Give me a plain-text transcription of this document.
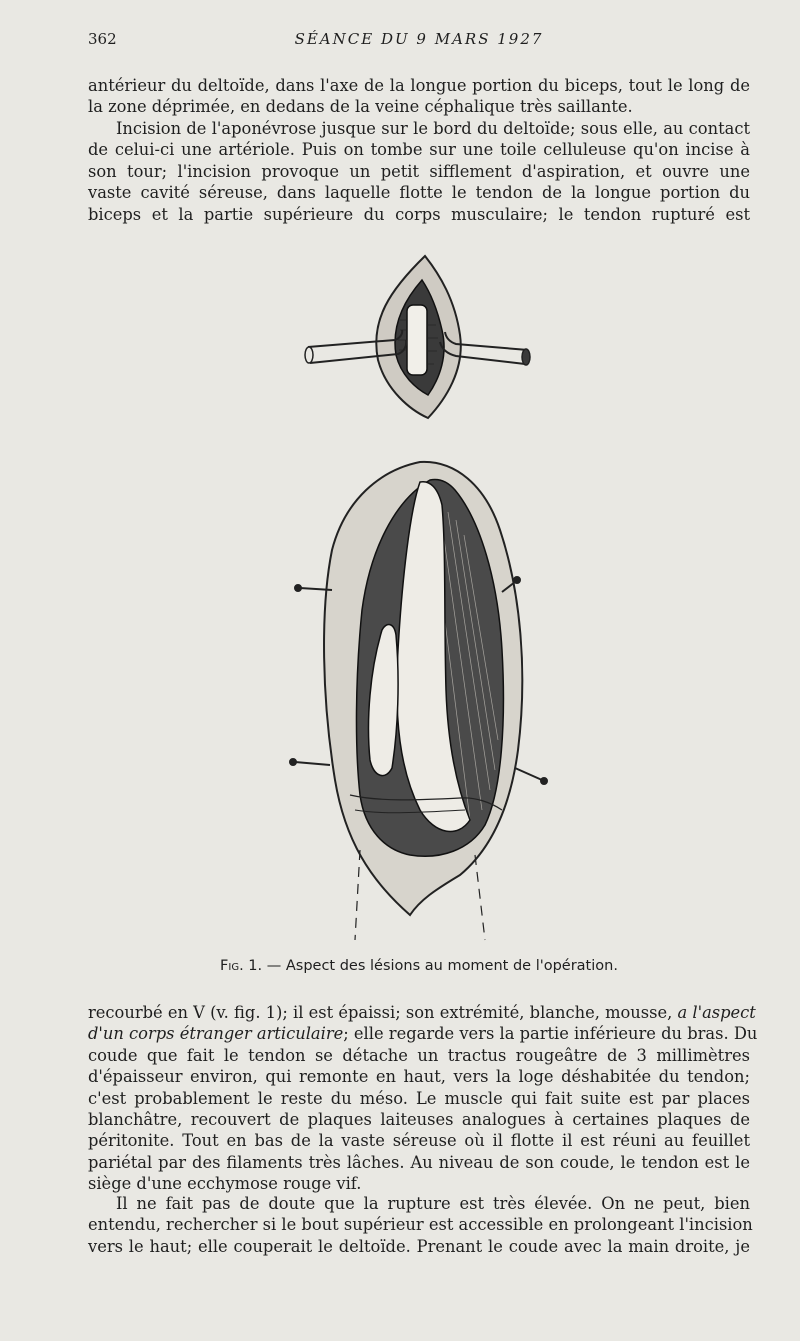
362	SÉANCE DU 9 MARS 1927
antérieur du deltoïde, dans l'axe de la longue portion du biceps, tout le long de
la zone déprimée, en dedans de la veine céphalique très saillante.
Incision de l'aponévrose jusque sur le bord du deltoïde; sous elle, au contact
de celui-ci une artériole. Puis on tombe sur une toile celluleuse qu'on incise à
son tour; l'incision provoque un petit sifflement d'aspiration, et ouvre une
vaste cavité séreuse, dans laquelle flotte le tendon de la longue portion du
biceps et la partie supérieure du corps musculaire; le tendon rupturé est
Fig. 1. — Aspect des lésions au moment de l'opération.
recourbé en V (v. fig. 1); il est épaissi; son extrémité, blanche, mousse, a l'aspect
d'un corps étranger articulaire; elle regarde vers la partie inférieure du bras. Du
coude que fait le tendon se détache un tractus rougeâtre de 3 millimètres
d'épaisseur environ, qui remonte en haut, vers la loge déshabitée du tendon;
c'est probablement le reste du méso. Le muscle qui fait suite est par places
blanchâtre, recouvert de plaques laiteuses analogues à certaines plaques de
péritonite. Tout en bas de la vaste séreuse où il flotte il est réuni au feuillet
pariétal par des filaments très lâches. Au niveau de son coude, le tendon est le
siège d'une ecchymose rouge vif.
Il ne fait pas de doute que la rupture est très élevée. On ne peut, bien
entendu, rechercher si le bout supérieur est accessible en prolongeant l'incision
vers le haut; elle couperait le deltoïde. Prenant le coude avec la main droite, je
